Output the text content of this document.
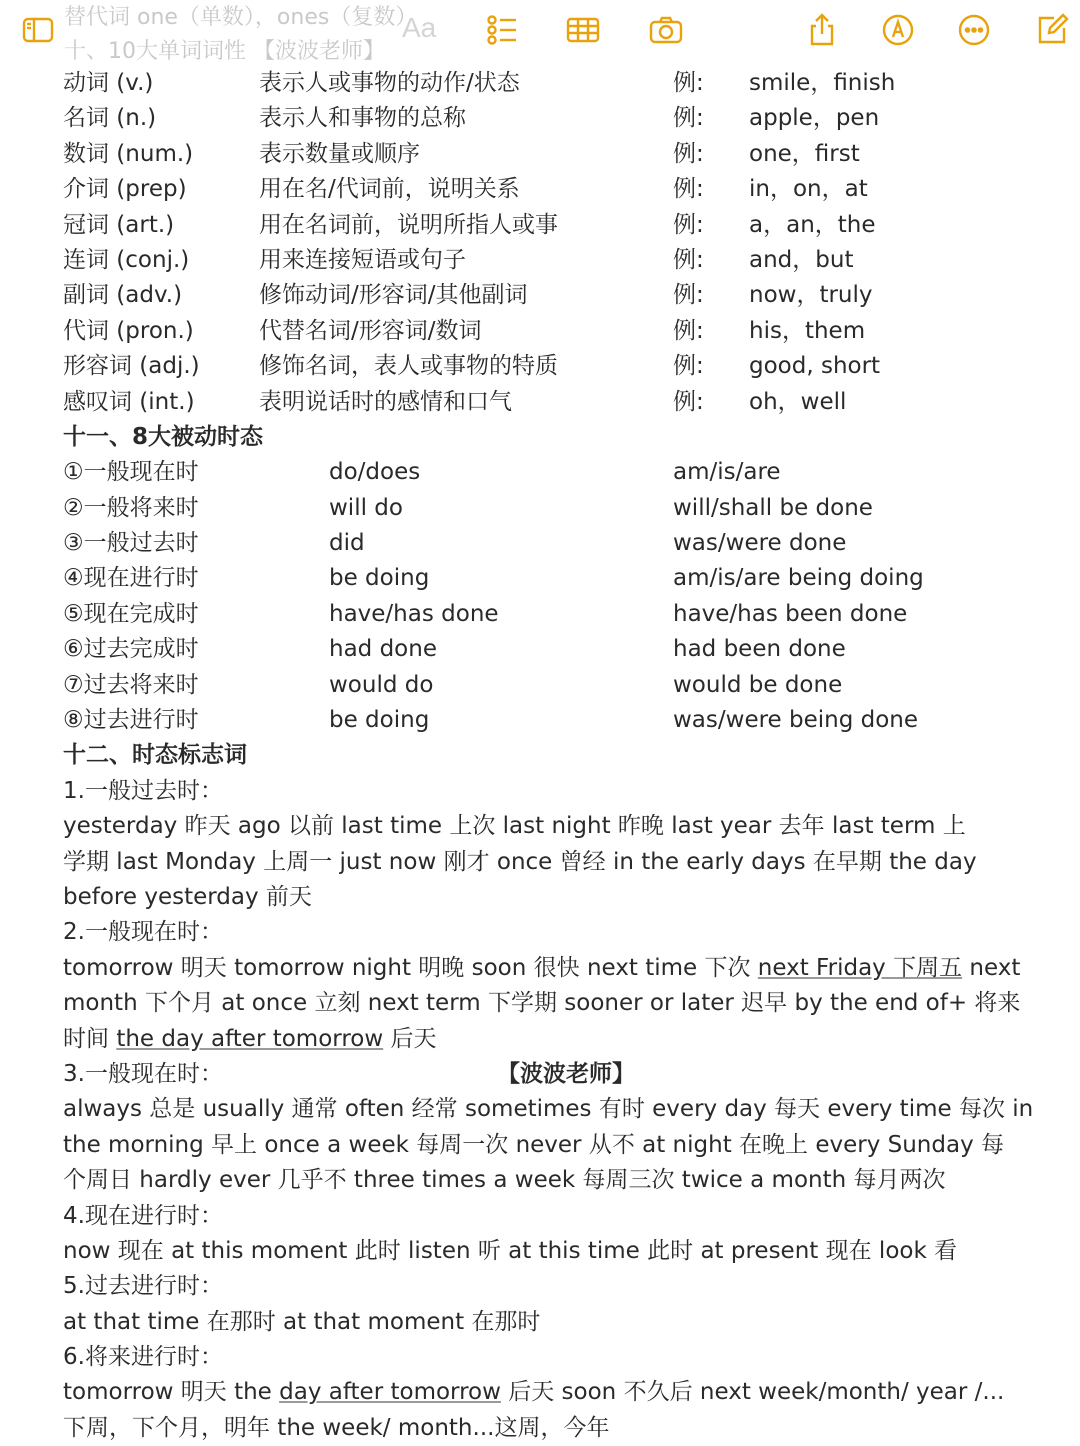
替代词 one（单数），ones（复数）
十、10大单词词性 【波波老师】
Aa
动词 (v.)	表示人或事物的动作/状态	例: smile，finish
名词 (n.)	表示人和事物的总称	例: apple，pen
数词 (num.)	表示数量或顺序	例: one，first
介词 (prep)	用在名/代词前，说明关系	例: in，on，at
冠词 (art.)	用在名词前，说明所指人或事	例: a，an，the
连词 (conj.)	用来连接短语或句子	例: and，but
副词 (adv.)	修饰动词/形容词/其他副词	例: now，truly
代词 (pron.)	代替名词/形容词/数词	例: his，them
形容词 (adj.)	修饰名词，表人或事物的特质	例: good, short
感叹词 (int.)	表明说话时的感情和口气	例: oh，well
十一、8大被动时态
①一般现在时	do/does	am/is/are
②一般将来时	will do	will/shall be done
③一般过去时	did	was/were done
④现在进行时	be doing	am/is/are being doing
⑤现在完成时	have/has done	have/has been done
⑥过去完成时	had done	had been done
⑦过去将来时	would do	would be done
⑧过去进行时	be doing	was/were being done
十二、时态标志词
1.一般过去时：
yesterday 昨天 ago 以前 last time 上次 last night 昨晚 last year 去年 last term 上
学期 last Monday 上周一 just now 刚才 once 曾经 in the early days 在早期 the day
before yesterday 前天
2.一般现在时：
tomorrow 明天 tomorrow night 明晚 soon 很快 next time 下次 next Friday 下周五 next
month 下个月 at once 立刻 next term 下学期 sooner or later 迟早 by the end of+ 将来
时间 the day after tomorrow 后天
3.一般现在时：	【波波老师】
always 总是 usually 通常 often 经常 sometimes 有时 every day 每天 every time 每次 in
the morning 早上 once a week 每周一次 never 从不 at night 在晚上 every Sunday 每
个周日 hardly ever 几乎不 three times a week 每周三次 twice a month 每月两次
4.现在进行时：
now 现在 at this moment 此时 listen 听 at this time 此时 at present 现在 look 看
5.过去进行时：
at that time 在那时 at that moment 在那时
6.将来进行时：
tomorrow 明天 the day after tomorrow 后天 soon 不久后 next week/month/ year /...
下周，下个月，明年 the week/ month...这周，今年
